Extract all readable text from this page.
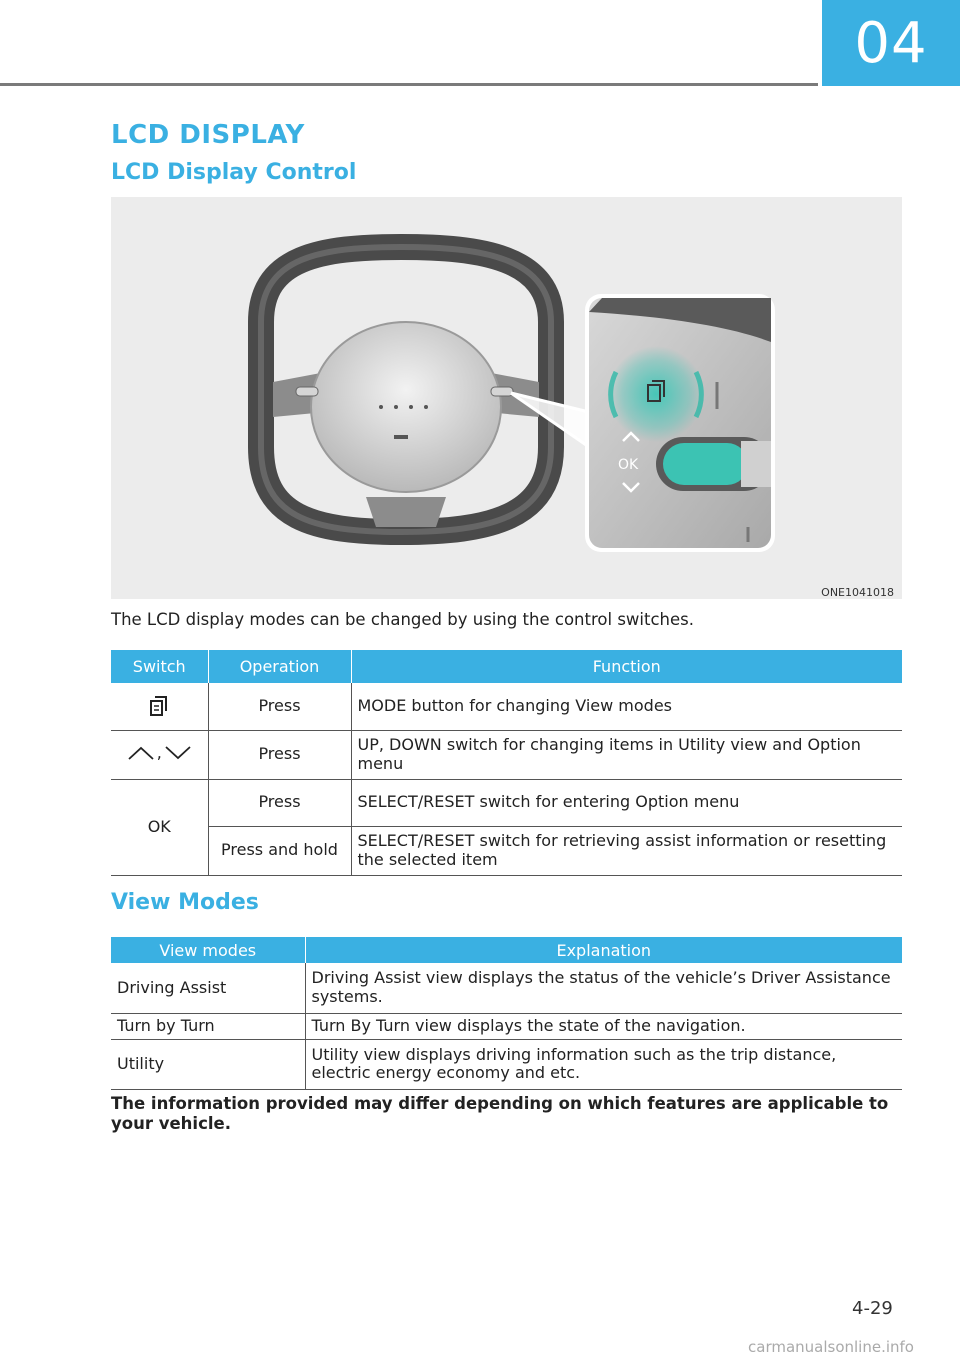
04
LCD DISPLAY
LCD Display Control
OK
ONE1041018
The LCD display modes can be changed by using the control switches.
Switch	Operation	Function
	Press	MODE button for changing View modes

,	Press	UP, DOWN switch for changing items in Utility view and Option menu
OK	Press	SELECT/RESET switch for entering Option menu
	Press and hold	SELECT/RESET switch for retrieving assist information or resetting the selected item
View Modes
View modes	Explanation
Driving Assist	Driving Assist view displays the status of the vehicle’s Driver Assistance systems.
Turn by Turn	Turn By Turn view displays the state of the navigation.
Utility	Utility view displays driving information such as the trip distance, electric energy economy and etc.
The information provided may differ depending on which features are applicable to your vehicle.
4-29
carmanualsonline.info
